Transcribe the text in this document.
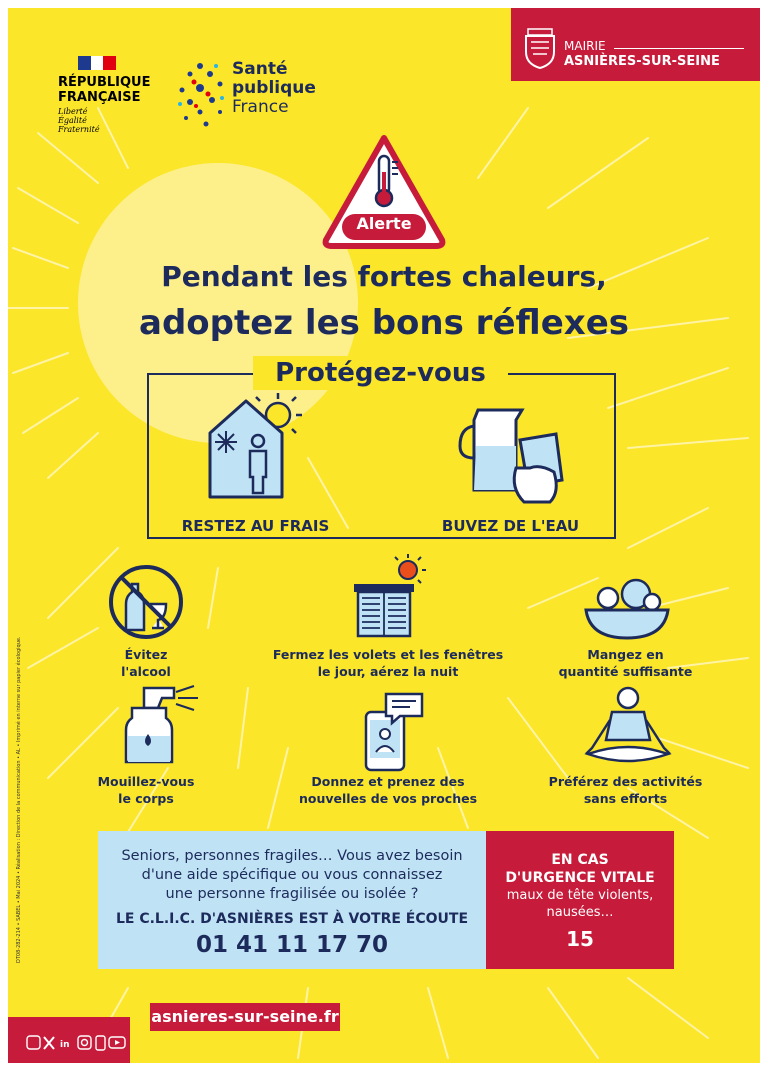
RÉPUBLIQUE
FRANÇAISE
Liberté
Égalité
Fraternité
Santé
publique
France
MAIRIE
ASNIÈRES-SUR-SEINE
Alerte
Pendant les fortes chaleurs,
adoptez les bons réflexes
Protégez-vous
RESTEZ AU FRAIS	BUVEZ DE L'EAU
Évitez
l'alcool
Fermez les volets et les fenêtres
le jour, aérez la nuit
Mangez en
quantité suffisante
Mouillez-vous
le corps
Donnez et prenez des
nouvelles de vos proches
Préférez des activités
sans efforts
Seniors, personnes fragiles… Vous avez besoin
d'une aide spécifique ou vous connaissez
une personne fragilisée ou isolée ?
LE C.L.I.C. D'ASNIÈRES EST À VOTRE ÉCOUTE
01 41 11 17 70
EN CAS
D'URGENCE VITALE
maux de tête violents,
nausées…
15
asnieres-sur-seine.fr
in
DT08-282-214 • SABEL • Mai 2024 • Réalisation : Direction de la communication • AL • Imprimé en interne sur papier écologique.
